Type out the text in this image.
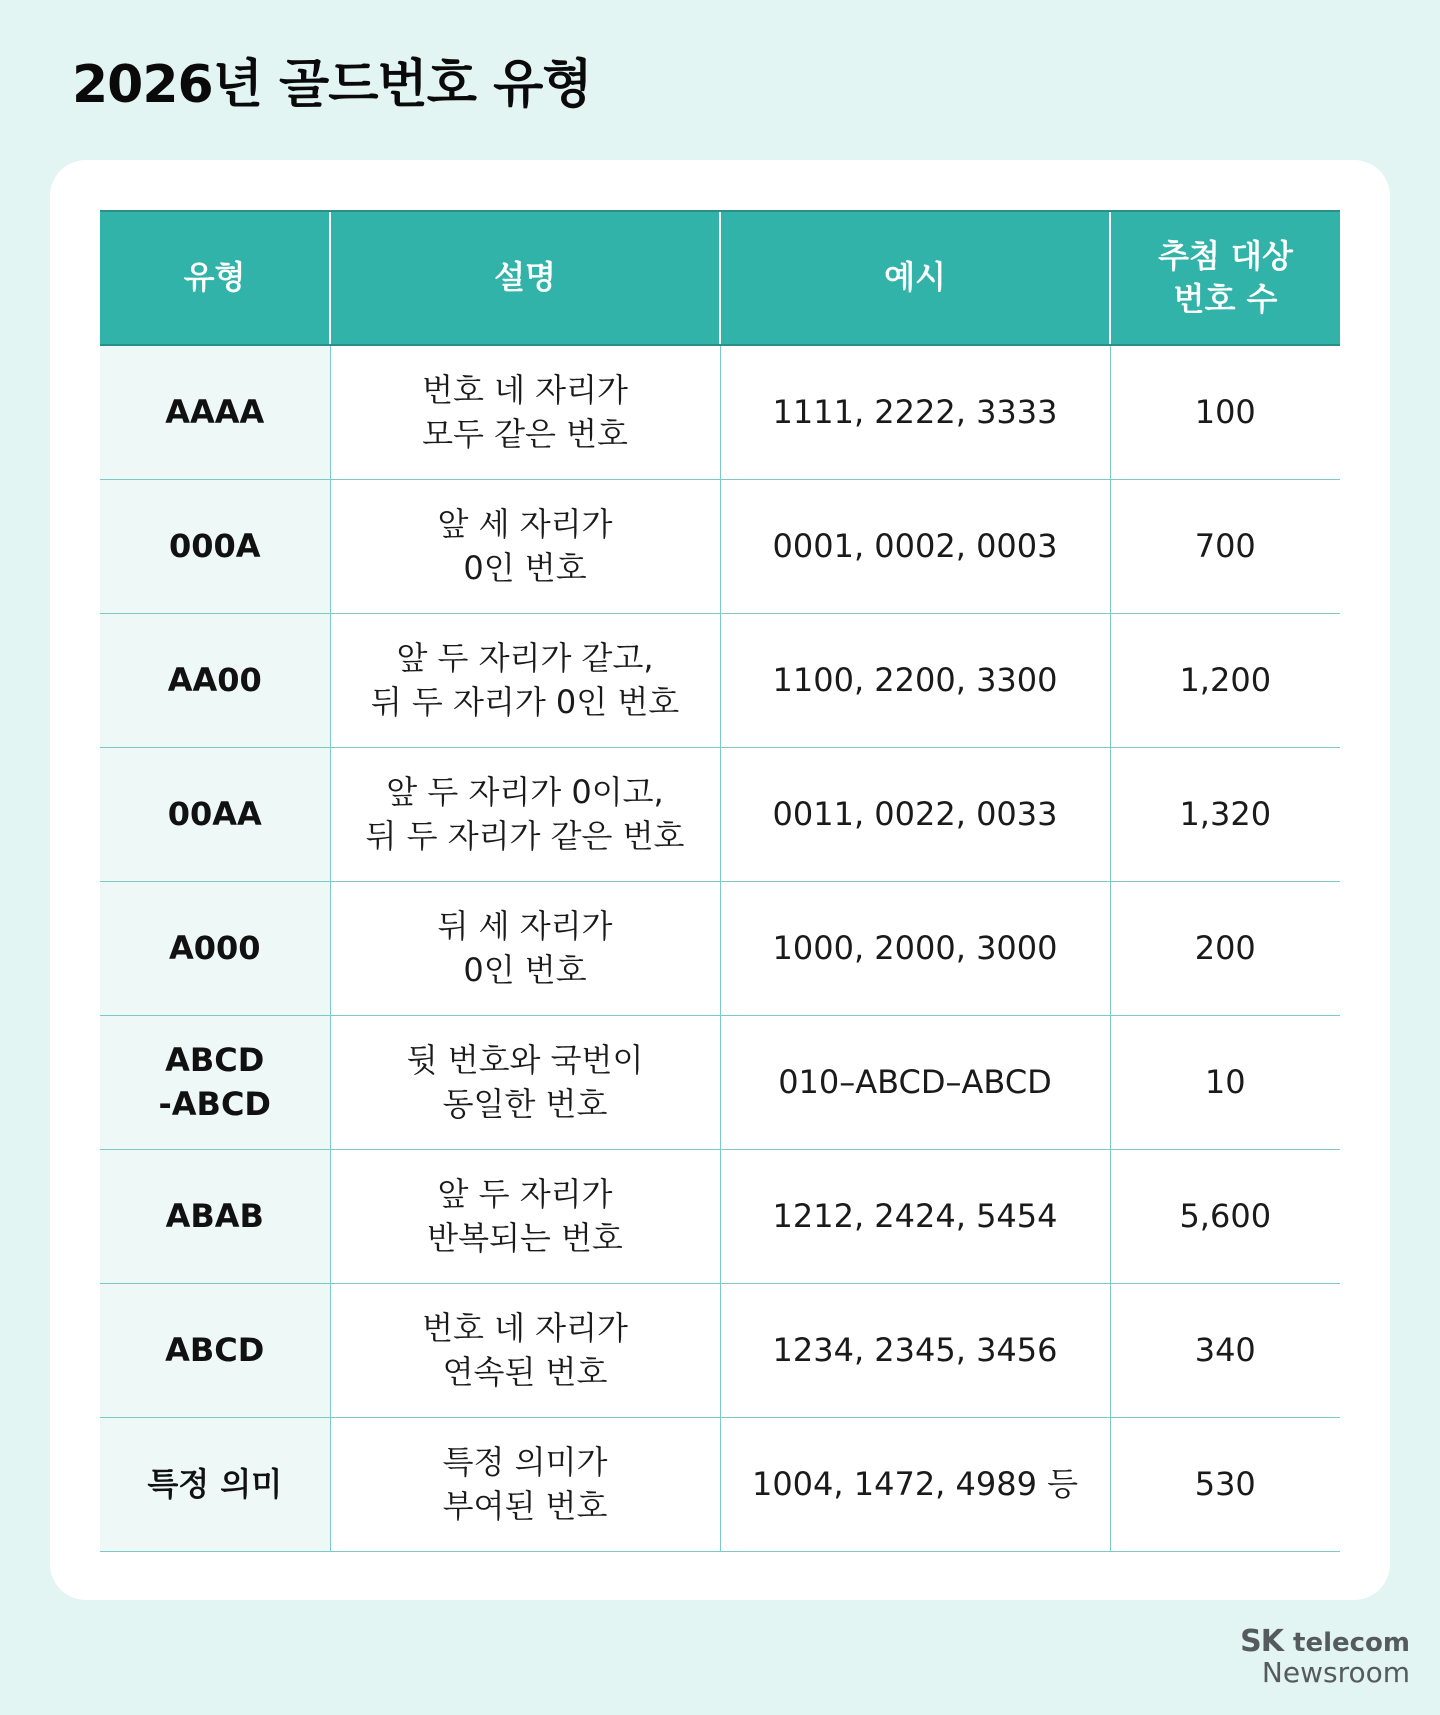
2026년 골드번호 유형
유형	설명	예시	추첨 대상
번호 수
AAAA	번호 네 자리가
모두 같은 번호	1111, 2222, 3333	100
000A	앞 세 자리가
0인 번호	0001, 0002, 0003	700
AA00	앞 두 자리가 같고,
뒤 두 자리가 0인 번호	1100, 2200, 3300	1,200
00AA	앞 두 자리가 0이고,
뒤 두 자리가 같은 번호	0011, 0022, 0033	1,320
A000	뒤 세 자리가
0인 번호	1000, 2000, 3000	200
ABCD
-ABCD	뒷 번호와 국번이
동일한 번호	010–ABCD–ABCD	10
ABAB	앞 두 자리가
반복되는 번호	1212, 2424, 5454	5,600
ABCD	번호 네 자리가
연속된 번호	1234, 2345, 3456	340
특정 의미	특정 의미가
부여된 번호	1004, 1472, 4989 등	530
SK telecom
Newsroom
